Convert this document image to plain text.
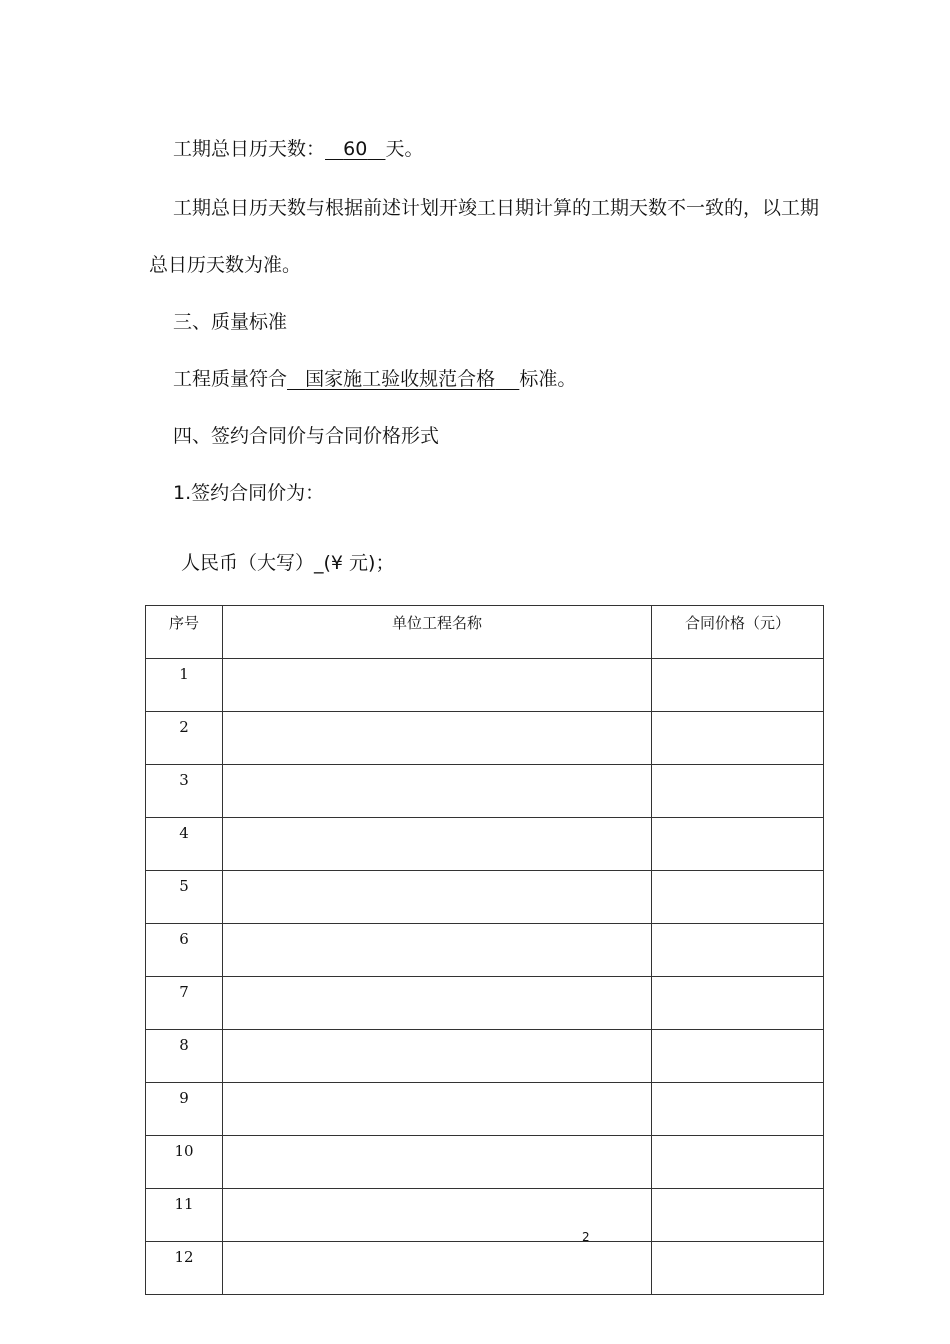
工期总日历天数： 60 天。
工期总日历天数与根据前述计划开竣工日期计算的工期天数不一致的，以工期
总日历天数为准。
三、质量标准
工程质量符合 国家施工验收规范合格 标准。
四、签约合同价与合同价格形式
1.签约合同价为：
人民币（大写）_(¥ 元)；
序号	单位工程名称	合同价格（元）
1		
2		
3		
4		
5		
6		
7		
8		
9		
10		
11		
12		
2
